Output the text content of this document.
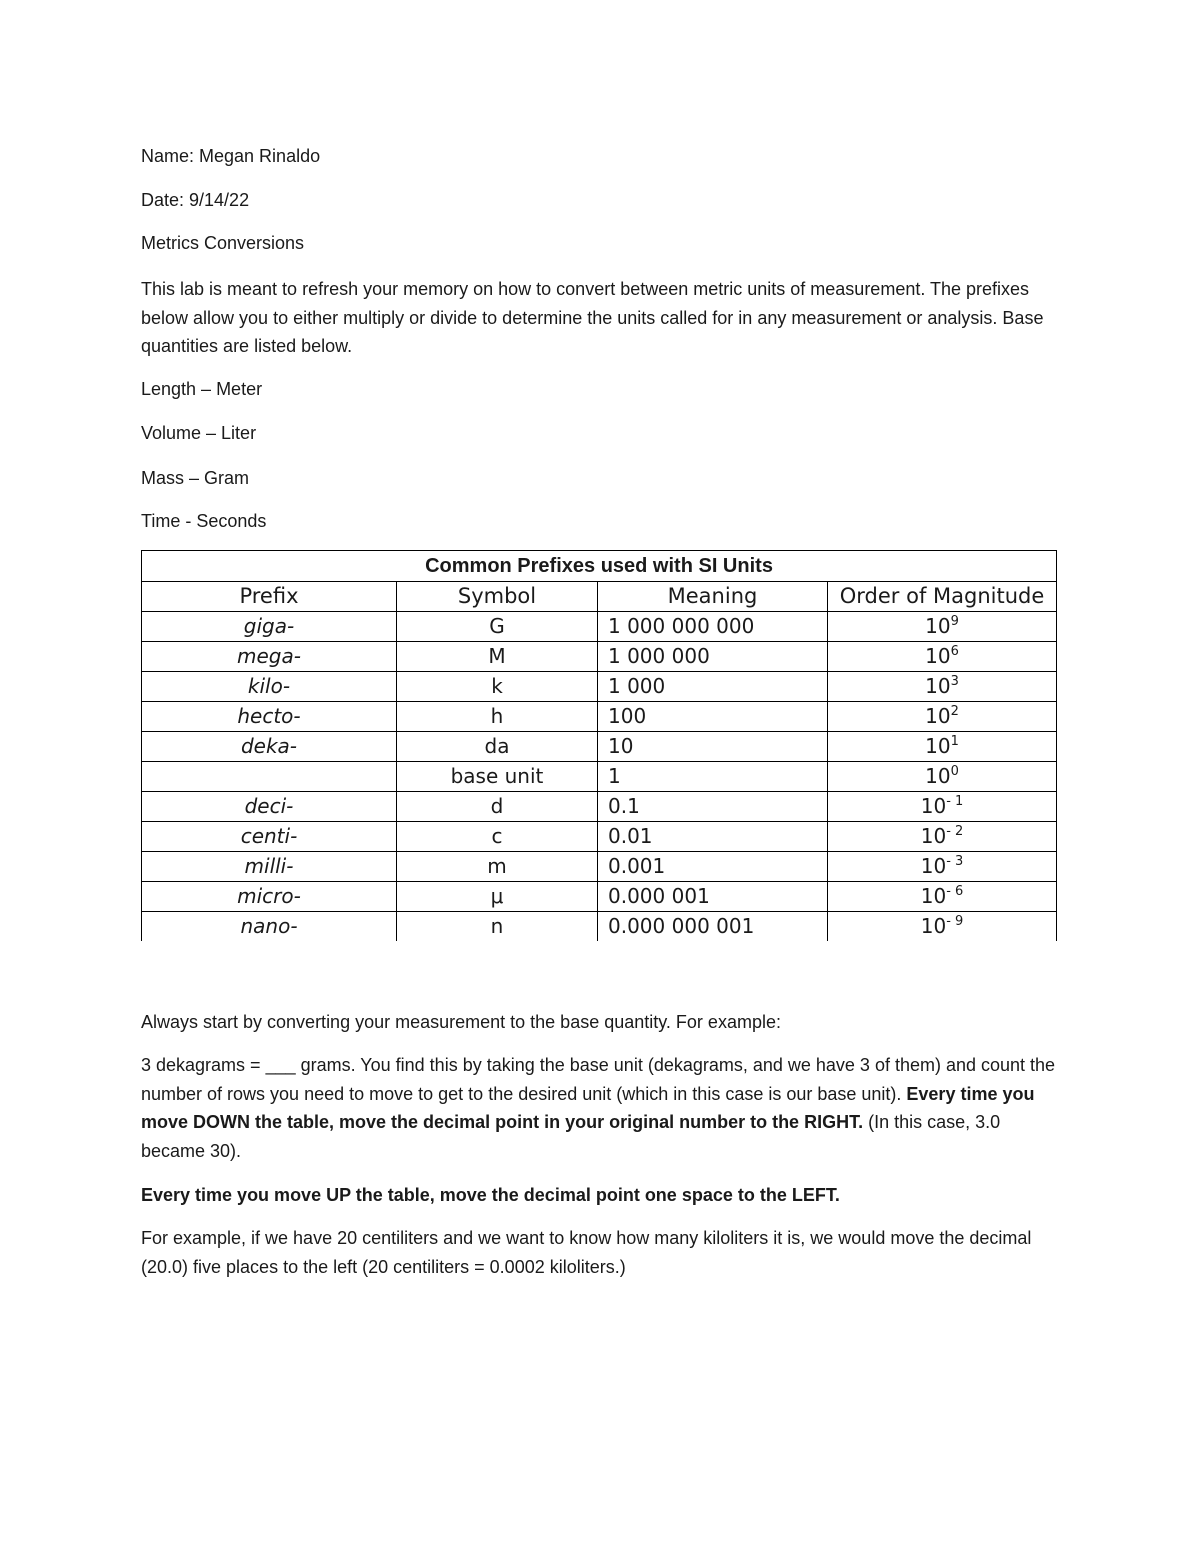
Name: Megan Rinaldo
Date: 9/14/22
Metrics Conversions

This lab is meant to refresh your memory on how to convert between metric units of measurement. The prefixes below allow you to either multiply or divide to determine the units called for in any measurement or analysis. Base quantities are listed below.

Length – Meter
Volume – Liter
Mass – Gram
Time - Seconds
Common Prefixes used with SI Units			
Prefix	Symbol	Meaning	Order of Magnitude
giga-	G	1 000 000 000	$10^9$
mega-	M	1 000 000	$10^6$
kilo-	k	1 000	$10^3$
hecto-	h	100	$10^2$
deka-	da	10	$10^1$
	base unit	1	$10^0$
deci-	d	0.1	$10^{- 1}$
centi-	c	0.01	$10^{- 2}$
milli-	m	0.001	$10^{- 3}$
micro-	μ	0.000 001	$10^{- 6}$
nano-	n	0.000 000 001	$10^{- 9}$
Always start by converting your measurement to the base quantity. For example:

3 dekagrams = ___ grams. You find this by taking the base unit (dekagrams, and we have 3 of them) and count the number of rows you need to move to get to the desired unit (which in this case is our base unit). Every time you move DOWN the table, move the decimal point in your original number to the RIGHT. (In this case, 3.0 became 30).

Every time you move UP the table, move the decimal point one space to the LEFT.

For example, if we have 20 centiliters and we want to know how many kiloliters it is, we would move the decimal (20.0) five places to the left (20 centiliters = 0.0002 kiloliters.)
